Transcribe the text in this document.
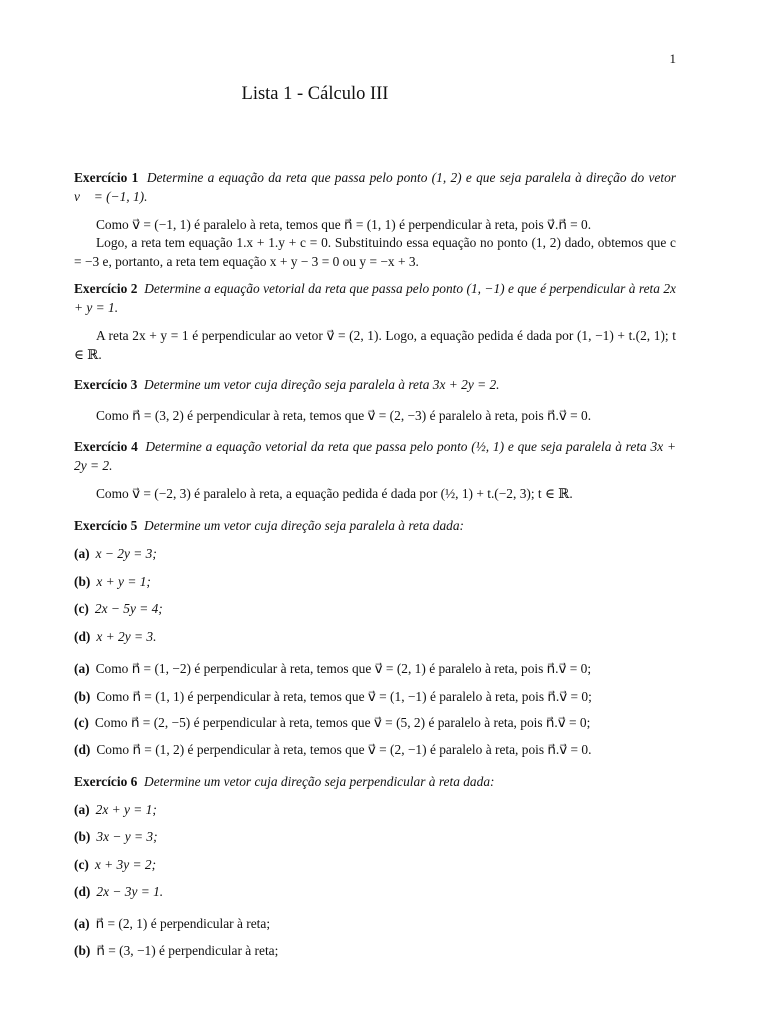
1
Lista 1 - Cálculo III

Exercício 1 Determine a equação da reta que passa pelo ponto (1, 2) e que seja paralela à direção do vetor v⃗ = (−1, 1).

Como v⃗ = (−1, 1) é paralelo à reta, temos que n⃗ = (1, 1) é perpendicular à reta, pois v⃗.n⃗ = 0.

Logo, a reta tem equação 1.x + 1.y + c = 0. Substituindo essa equação no ponto (1, 2) dado, obtemos que c = −3 e, portanto, a reta tem equação x + y − 3 = 0 ou y = −x + 3.

Exercício 2 Determine a equação vetorial da reta que passa pelo ponto (1, −1) e que é perpendicular à reta 2x + y = 1.

A reta 2x + y = 1 é perpendicular ao vetor v⃗ = (2, 1). Logo, a equação pedida é dada por (1, −1) + t.(2, 1); t ∈ ℝ.

Exercício 3 Determine um vetor cuja direção seja paralela à reta 3x + 2y = 2.

Como n⃗ = (3, 2) é perpendicular à reta, temos que v⃗ = (2, −3) é paralelo à reta, pois n⃗.v⃗ = 0.

Exercício 4 Determine a equação vetorial da reta que passa pelo ponto (½, 1) e que seja paralela à reta 3x + 2y = 2.

Como v⃗ = (−2, 3) é paralelo à reta, a equação pedida é dada por (½, 1) + t.(−2, 3); t ∈ ℝ.

Exercício 5 Determine um vetor cuja direção seja paralela à reta dada:

(a) x − 2y = 3;

(b) x + y = 1;

(c) 2x − 5y = 4;

(d) x + 2y = 3.

(a) Como n⃗ = (1, −2) é perpendicular à reta, temos que v⃗ = (2, 1) é paralelo à reta, pois n⃗.v⃗ = 0;

(b) Como n⃗ = (1, 1) é perpendicular à reta, temos que v⃗ = (1, −1) é paralelo à reta, pois n⃗.v⃗ = 0;

(c) Como n⃗ = (2, −5) é perpendicular à reta, temos que v⃗ = (5, 2) é paralelo à reta, pois n⃗.v⃗ = 0;

(d) Como n⃗ = (1, 2) é perpendicular à reta, temos que v⃗ = (2, −1) é paralelo à reta, pois n⃗.v⃗ = 0.

Exercício 6 Determine um vetor cuja direção seja perpendicular à reta dada:

(a) 2x + y = 1;

(b) 3x − y = 3;

(c) x + 3y = 2;

(d) 2x − 3y = 1.

(a) n⃗ = (2, 1) é perpendicular à reta;

(b) n⃗ = (3, −1) é perpendicular à reta;
